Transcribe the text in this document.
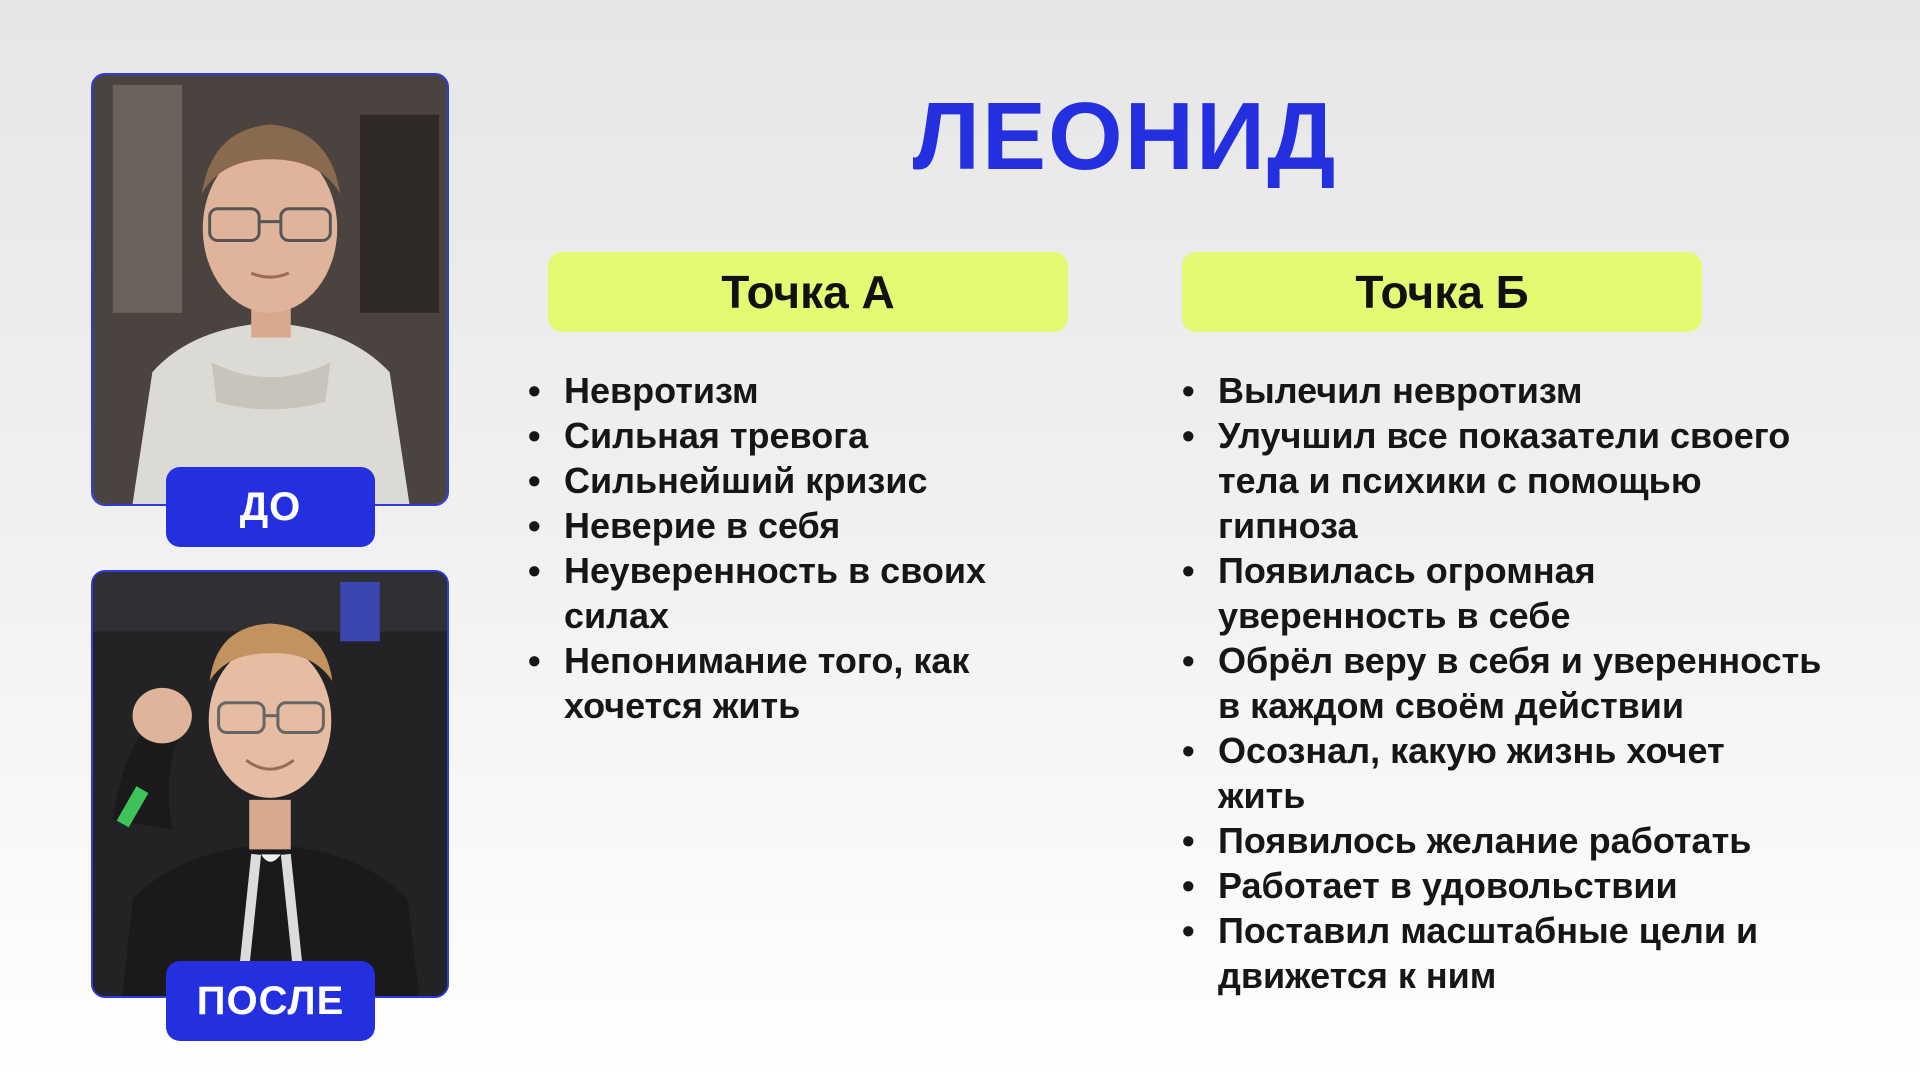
ДО
ПОСЛЕ
ЛЕОНИД
Точка А
• Невротизм
• Сильная тревога
• Сильнейший кризис
• Неверие в себя
• Неуверенность в своих силах
• Непонимание того, как хочется жить
Точка Б
• Вылечил невротизм
• Улучшил все показатели своего тела и психики с помощью гипноза
• Появилась огромная уверенность в себе
• Обрёл веру в себя и уверенность в каждом своём действии
• Осознал, какую жизнь хочет жить
• Появилось желание работать
• Работает в удовольствии
• Поставил масштабные цели и движется к ним
